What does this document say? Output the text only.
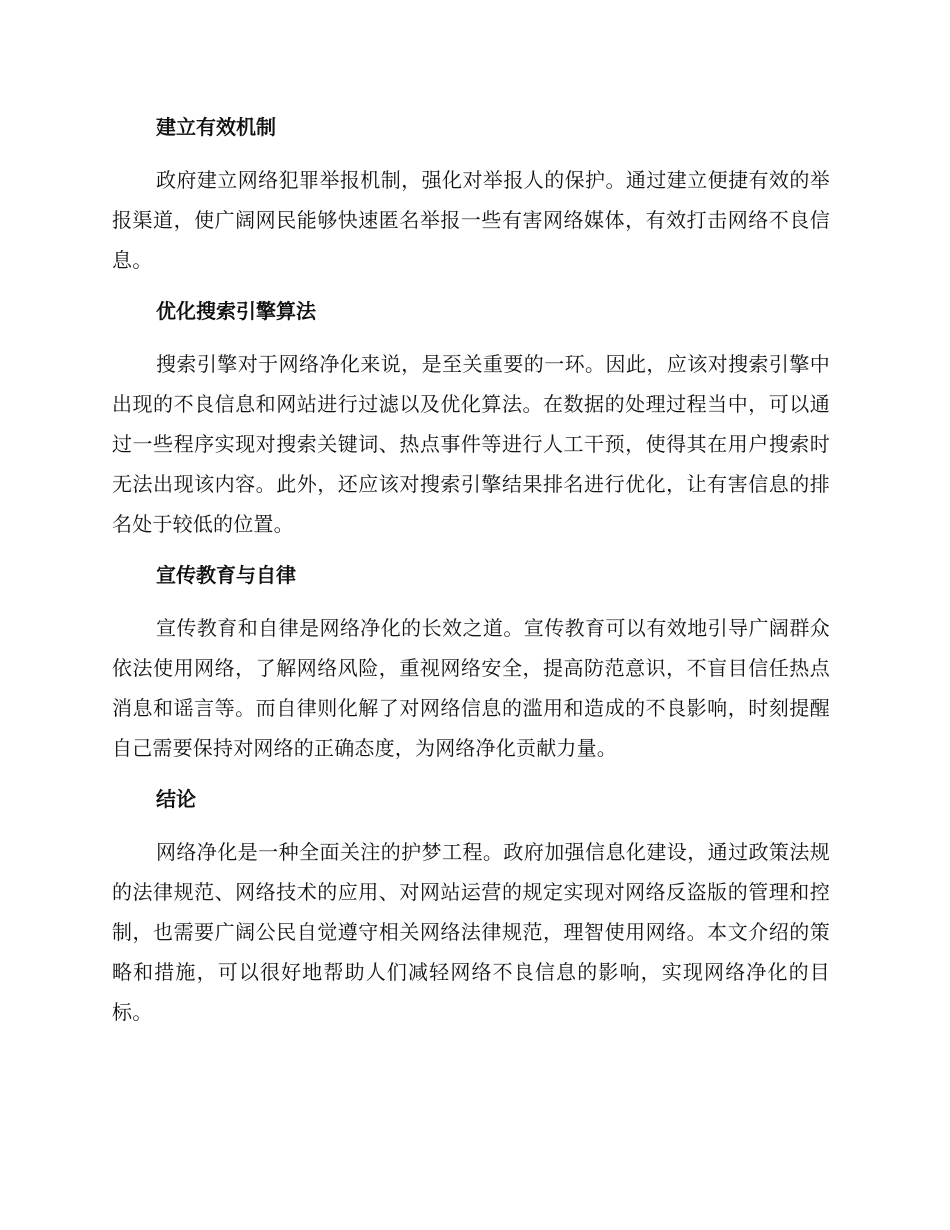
建立有效机制

政府建立网络犯罪举报机制，强化对举报人的保护。通过建立便捷有效的举报渠道，使广阔网民能够快速匿名举报一些有害网络媒体，有效打击网络不良信息。

优化搜索引擎算法

搜索引擎对于网络净化来说，是至关重要的一环。因此，应该对搜索引擎中出现的不良信息和网站进行过滤以及优化算法。在数据的处理过程当中，可以通过一些程序实现对搜索关键词、热点事件等进行人工干预，使得其在用户搜索时无法出现该内容。此外，还应该对搜索引擎结果排名进行优化，让有害信息的排名处于较低的位置。

宣传教育与自律

宣传教育和自律是网络净化的长效之道。宣传教育可以有效地引导广阔群众依法使用网络，了解网络风险，重视网络安全，提高防范意识，不盲目信任热点消息和谣言等。而自律则化解了对网络信息的滥用和造成的不良影响，时刻提醒自己需要保持对网络的正确态度，为网络净化贡献力量。

结论

网络净化是一种全面关注的护梦工程。政府加强信息化建设，通过政策法规的法律规范、网络技术的应用、对网站运营的规定实现对网络反盗版的管理和控制，也需要广阔公民自觉遵守相关网络法律规范，理智使用网络。本文介绍的策略和措施，可以很好地帮助人们减轻网络不良信息的影响，实现网络净化的目标。
